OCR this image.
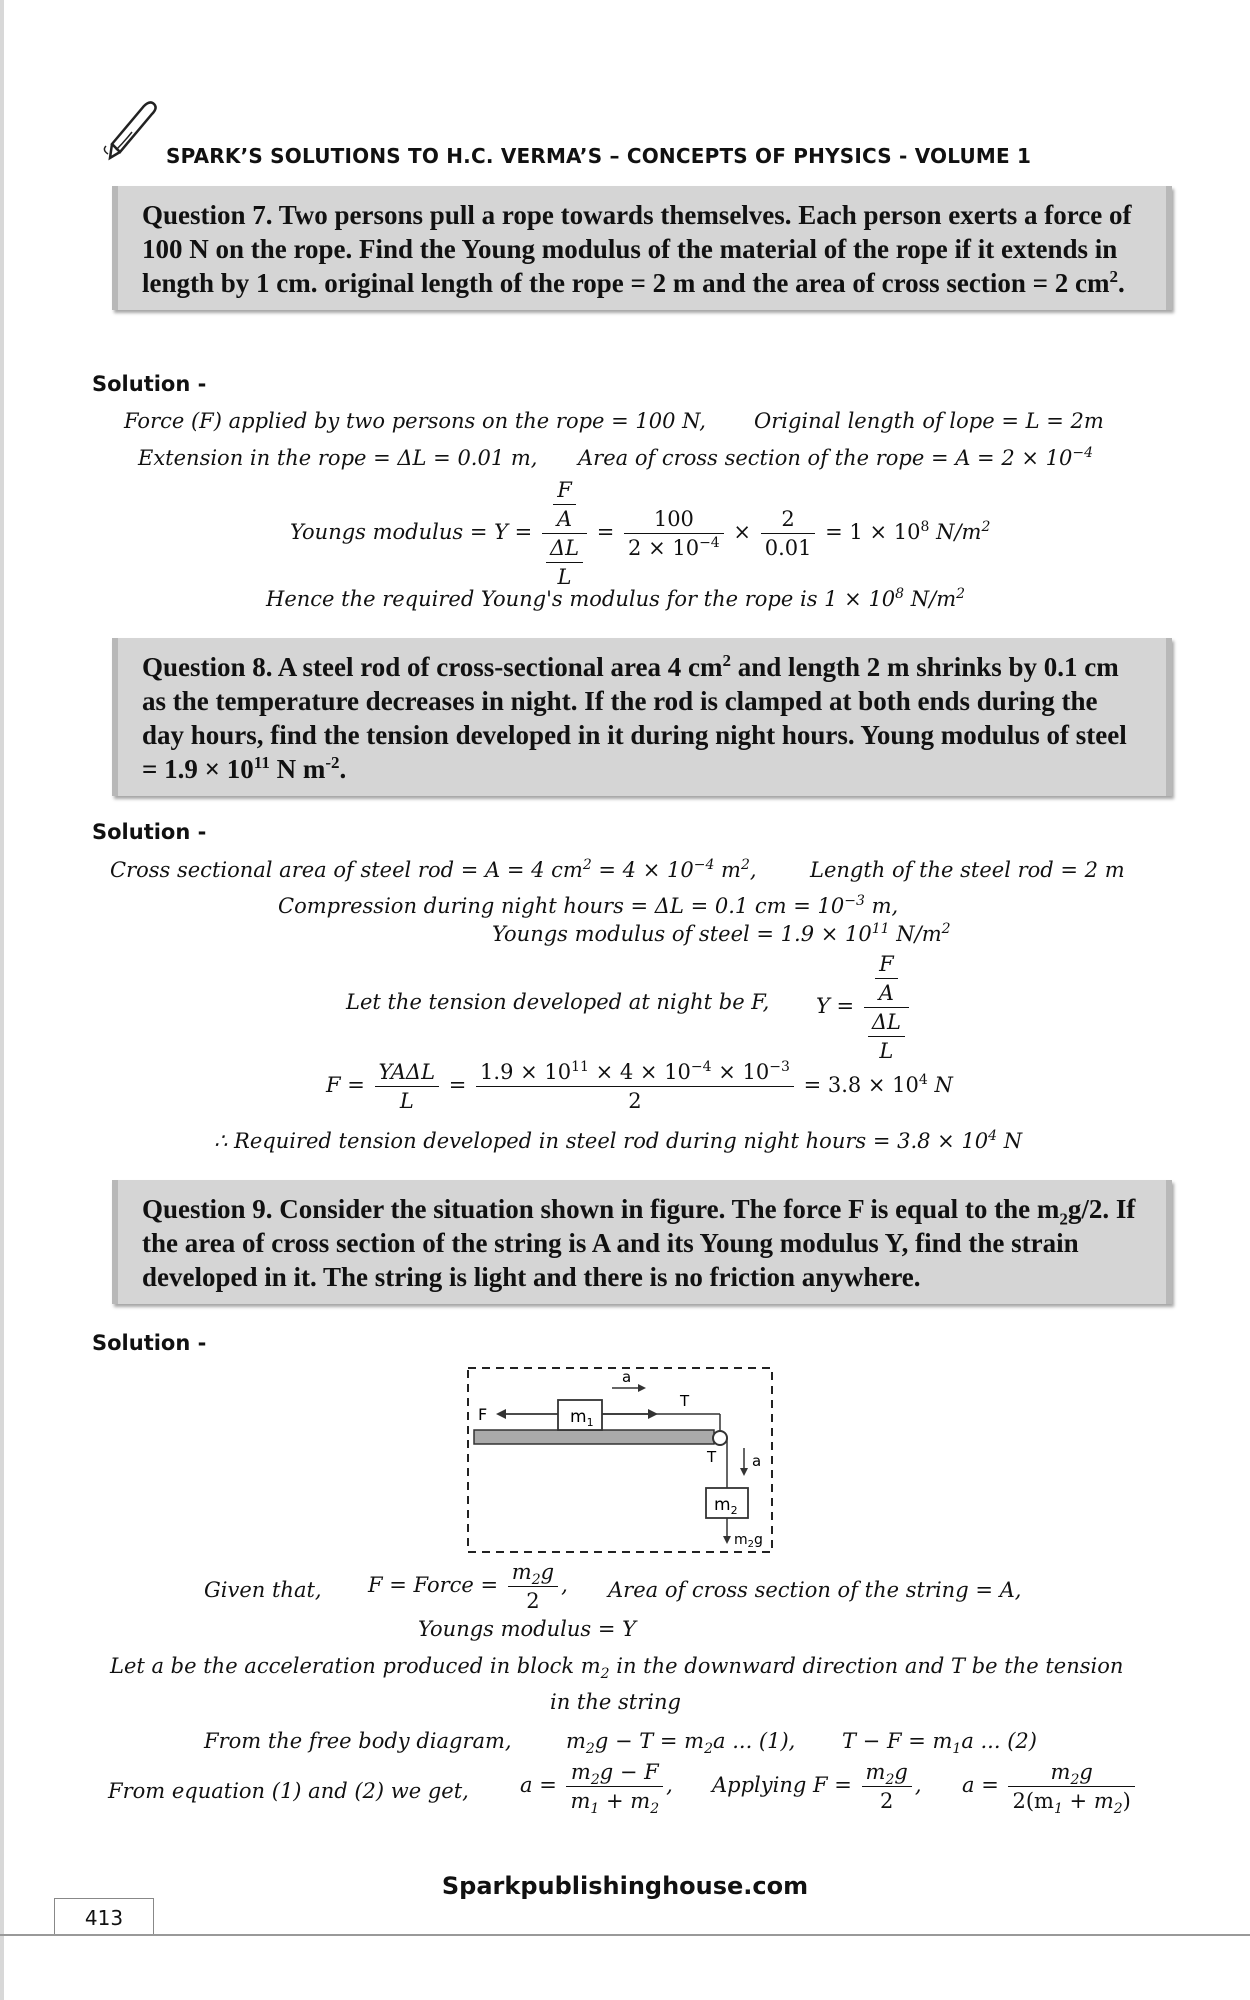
SPARK’S SOLUTIONS TO H.C. VERMA’S – CONCEPTS OF PHYSICS - VOLUME 1
Question 7. Two persons pull a rope towards themselves. Each person exerts a force of 100 N on the rope. Find the Young modulus of the material of the rope if it extends in length by 1 cm. original length of the rope = 2 m and the area of cross section = 2 $cm^2$.
Solution -
Force (F) applied by two persons on the rope = 100 N, Original length of lope = L = 2m
Extension in the rope = ΔL = 0.01 m, Area of cross section of the rope = $A = 2 \times 10^{-4}$
Youngs modulus = $Y = \frac{\frac{F}{A}}{\frac{\Delta L}{L}} = \frac{100}{2 \times 10^{-4}} \times \frac{2}{0.01} = 1 \times 10^8$ $N/m^2$
Hence the required Young's modulus for the rope is $1 \times 10^8$ $N/m^2$
Question 8. A steel rod of cross-sectional area 4 $cm^2$ and length 2 m shrinks by 0.1 cm as the temperature decreases in night. If the rod is clamped at both ends during the day hours, find the tension developed in it during night hours. Young modulus of steel = $1.9 \times 10^{11}$ N $m^{-2}$.
Solution -
Cross sectional area of steel rod = A = 4 $cm^2 = 4 \times 10^{-4}$ $m^2$,	Length of the steel rod = 2 m
Compression during night hours = ΔL = 0.1 cm = $10^{-3}$ m,
Youngs modulus of steel = $1.9 \times 10^{11}$ $N/m^2$
Let the tension developed at night be F, $Y = \frac{\frac{F}{A}}{\frac{\Delta L}{L}}$
$F = \frac{\text{YAΔL}}{L} = \frac{1.9 \times 10^{11} \times 4 \times 10^{-4} \times 10^{-3}}{2} = 3.8 \times 10^4$ N
∴ Required tension developed in steel rod during night hours = $3.8 \times 10^4$ N
Question 9. Consider the situation shown in figure. The force F is equal to the $m_2g/2$. If the area of cross section of the string is A and its Young modulus Y, find the strain developed in it. The string is light and there is no friction anywhere.
Solution -
$m_1$
F
T
a
T a
$m_2$
$m_2g$
Given that, F = Force = $\frac{m_2g}{2}$ , Area of cross section of the string = A,
Youngs modulus = Y
Let a be the acceleration produced in block $m_2$ in the downward direction and T be the tension
in the string
From the free body diagram,	$m_2g - T = m_2a$ ... (1), $T - F = m_1a$ ... (2)
From equation (1) and (2) we get, $a = \frac{m_2g - F}{m_1 + m_2}$ , Applying $F = \frac{m_2g}{2}$ , $a = \frac{m_2g}{2(m_1 + m_2)}$
Sparkpublishinghouse.com
413
